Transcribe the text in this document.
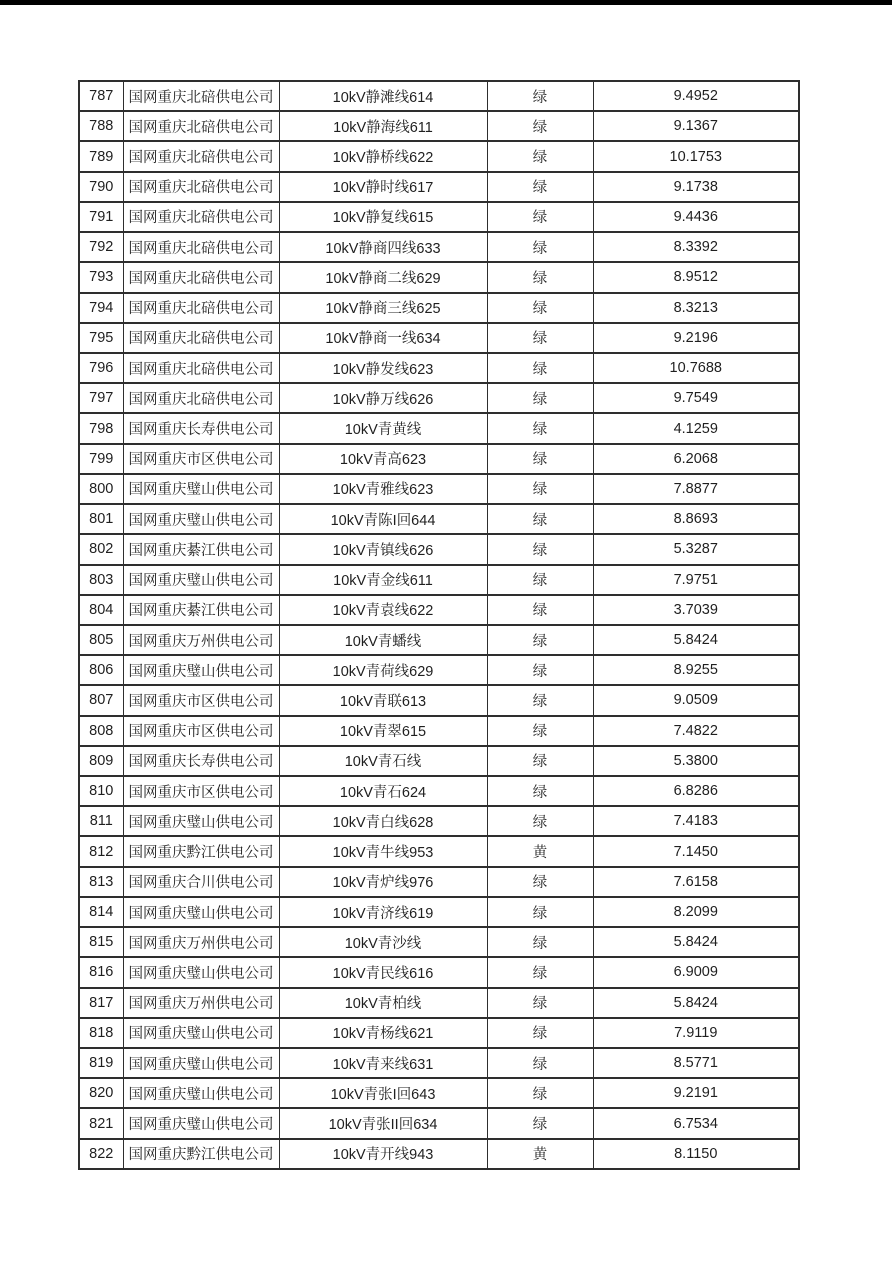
787	国网重庆北碚供电公司	10kV静滩线614	绿	9.4952
788	国网重庆北碚供电公司	10kV静海线611	绿	9.1367
789	国网重庆北碚供电公司	10kV静桥线622	绿	10.1753
790	国网重庆北碚供电公司	10kV静时线617	绿	9.1738
791	国网重庆北碚供电公司	10kV静复线615	绿	9.4436
792	国网重庆北碚供电公司	10kV静商四线633	绿	8.3392
793	国网重庆北碚供电公司	10kV静商二线629	绿	8.9512
794	国网重庆北碚供电公司	10kV静商三线625	绿	8.3213
795	国网重庆北碚供电公司	10kV静商一线634	绿	9.2196
796	国网重庆北碚供电公司	10kV静发线623	绿	10.7688
797	国网重庆北碚供电公司	10kV静万线626	绿	9.7549
798	国网重庆长寿供电公司	10kV青黄线	绿	4.1259
799	国网重庆市区供电公司	10kV青高623	绿	6.2068
800	国网重庆璧山供电公司	10kV青雅线623	绿	7.8877
801	国网重庆璧山供电公司	10kV青陈I回644	绿	8.8693
802	国网重庆綦江供电公司	10kV青镇线626	绿	5.3287
803	国网重庆璧山供电公司	10kV青金线611	绿	7.9751
804	国网重庆綦江供电公司	10kV青袁线622	绿	3.7039
805	国网重庆万州供电公司	10kV青蟠线	绿	5.8424
806	国网重庆璧山供电公司	10kV青荷线629	绿	8.9255
807	国网重庆市区供电公司	10kV青联613	绿	9.0509
808	国网重庆市区供电公司	10kV青翠615	绿	7.4822
809	国网重庆长寿供电公司	10kV青石线	绿	5.3800
810	国网重庆市区供电公司	10kV青石624	绿	6.8286
811	国网重庆璧山供电公司	10kV青白线628	绿	7.4183
812	国网重庆黔江供电公司	10kV青牛线953	黄	7.1450
813	国网重庆合川供电公司	10kV青炉线976	绿	7.6158
814	国网重庆璧山供电公司	10kV青济线619	绿	8.2099
815	国网重庆万州供电公司	10kV青沙线	绿	5.8424
816	国网重庆璧山供电公司	10kV青民线616	绿	6.9009
817	国网重庆万州供电公司	10kV青柏线	绿	5.8424
818	国网重庆璧山供电公司	10kV青杨线621	绿	7.9119
819	国网重庆璧山供电公司	10kV青来线631	绿	8.5771
820	国网重庆璧山供电公司	10kV青张I回643	绿	9.2191
821	国网重庆璧山供电公司	10kV青张II回634	绿	6.7534
822	国网重庆黔江供电公司	10kV青开线943	黄	8.1150
